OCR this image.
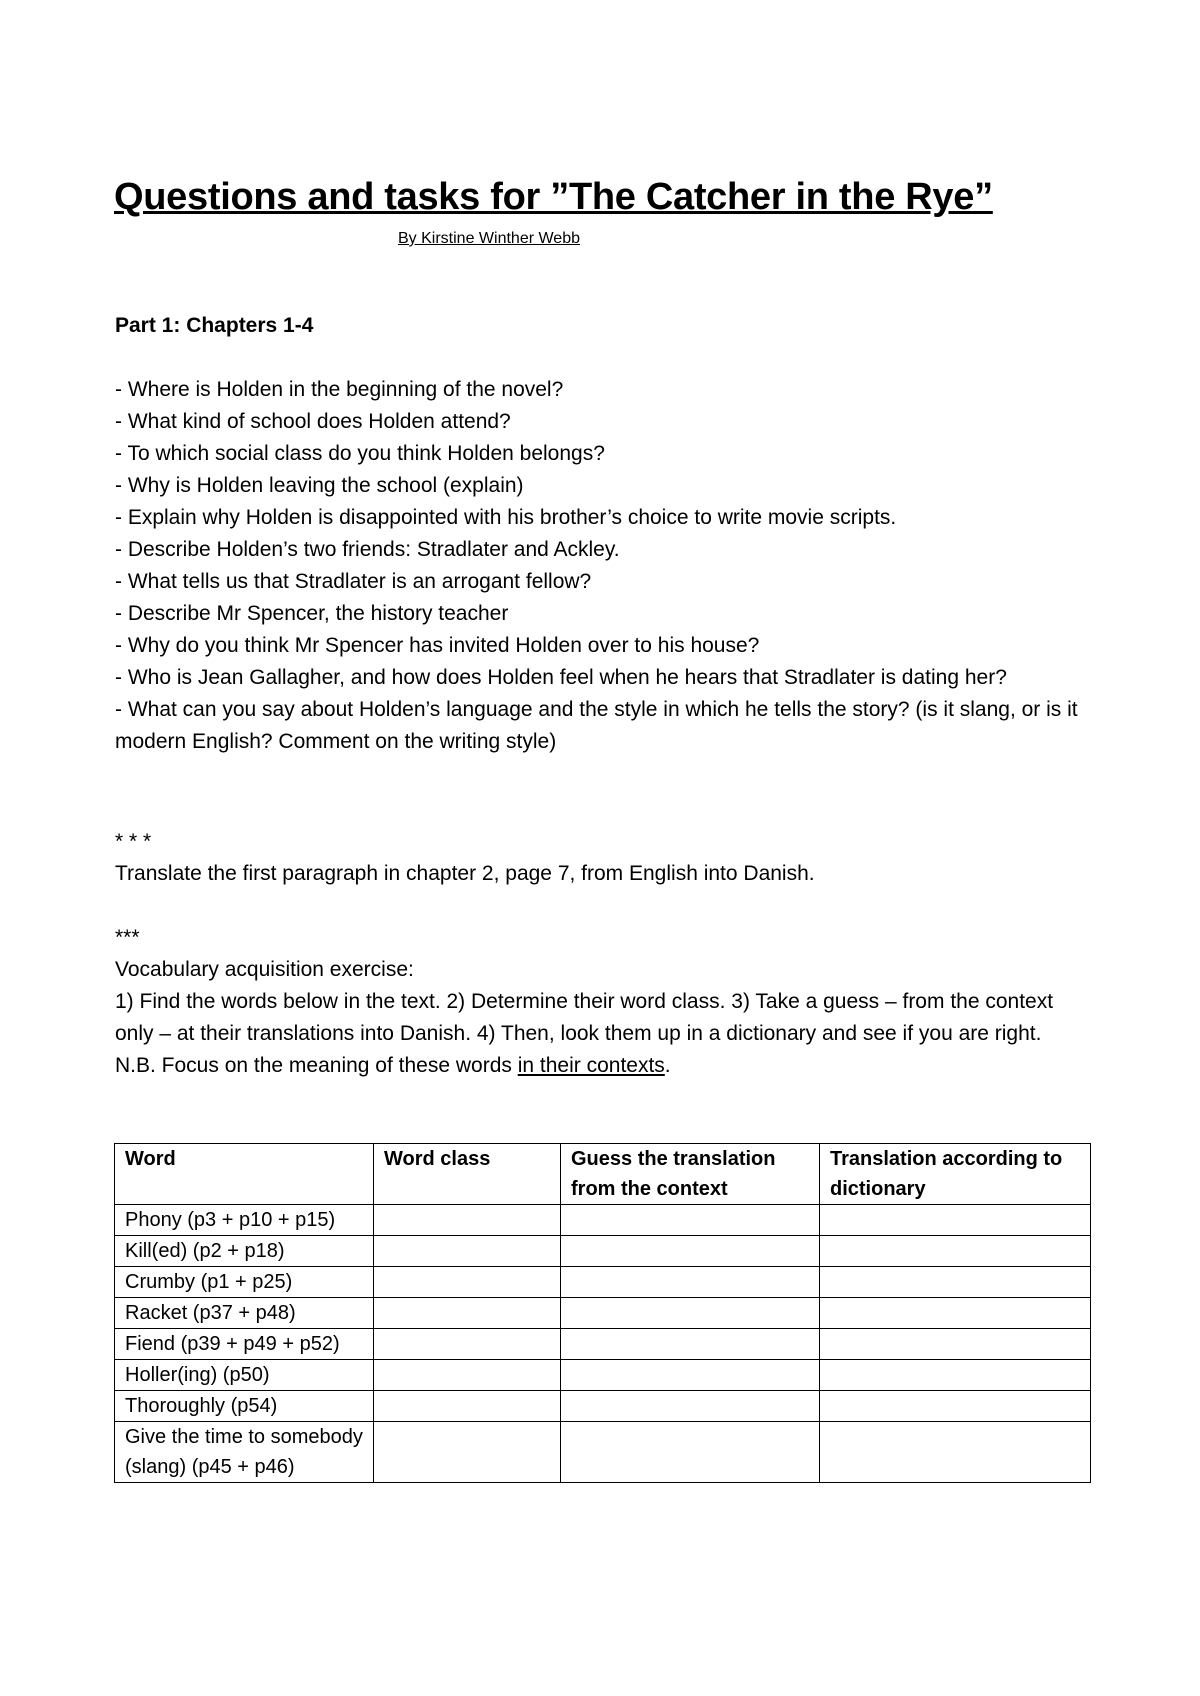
Questions and tasks for ”The Catcher in the Rye”
By Kirstine Winther Webb
Part 1: Chapters 1-4
- Where is Holden in the beginning of the novel?
- What kind of school does Holden attend?
- To which social class do you think Holden belongs?
- Why is Holden leaving the school (explain)
- Explain why Holden is disappointed with his brother’s choice to write movie scripts.
- Describe Holden’s two friends: Stradlater and Ackley.
- What tells us that Stradlater is an arrogant fellow?
- Describe Mr Spencer, the history teacher
- Why do you think Mr Spencer has invited Holden over to his house?
- Who is Jean Gallagher, and how does Holden feel when he hears that Stradlater is dating her?
- What can you say about Holden’s language and the style in which he tells the story? (is it slang, or is it modern English? Comment on the writing style)
* * *
Translate the first paragraph in chapter 2, page 7, from English into Danish.
***

Vocabulary acquisition exercise:

1) Find the words below in the text. 2) Determine their word class. 3) Take a guess – from the context only – at their translations into Danish. 4) Then, look them up in a dictionary and see if you are right.

N.B. Focus on the meaning of these words in their contexts.

Word	Word class	Guess the translation from the context	Translation according to dictionary
Phony (p3 + p10 + p15)			
Kill(ed) (p2 + p18)			
Crumby (p1 + p25)			
Racket (p37 + p48)			
Fiend (p39 + p49 + p52)			
Holler(ing) (p50)			
Thoroughly (p54)			
Give the time to somebody (slang) (p45 + p46)			
